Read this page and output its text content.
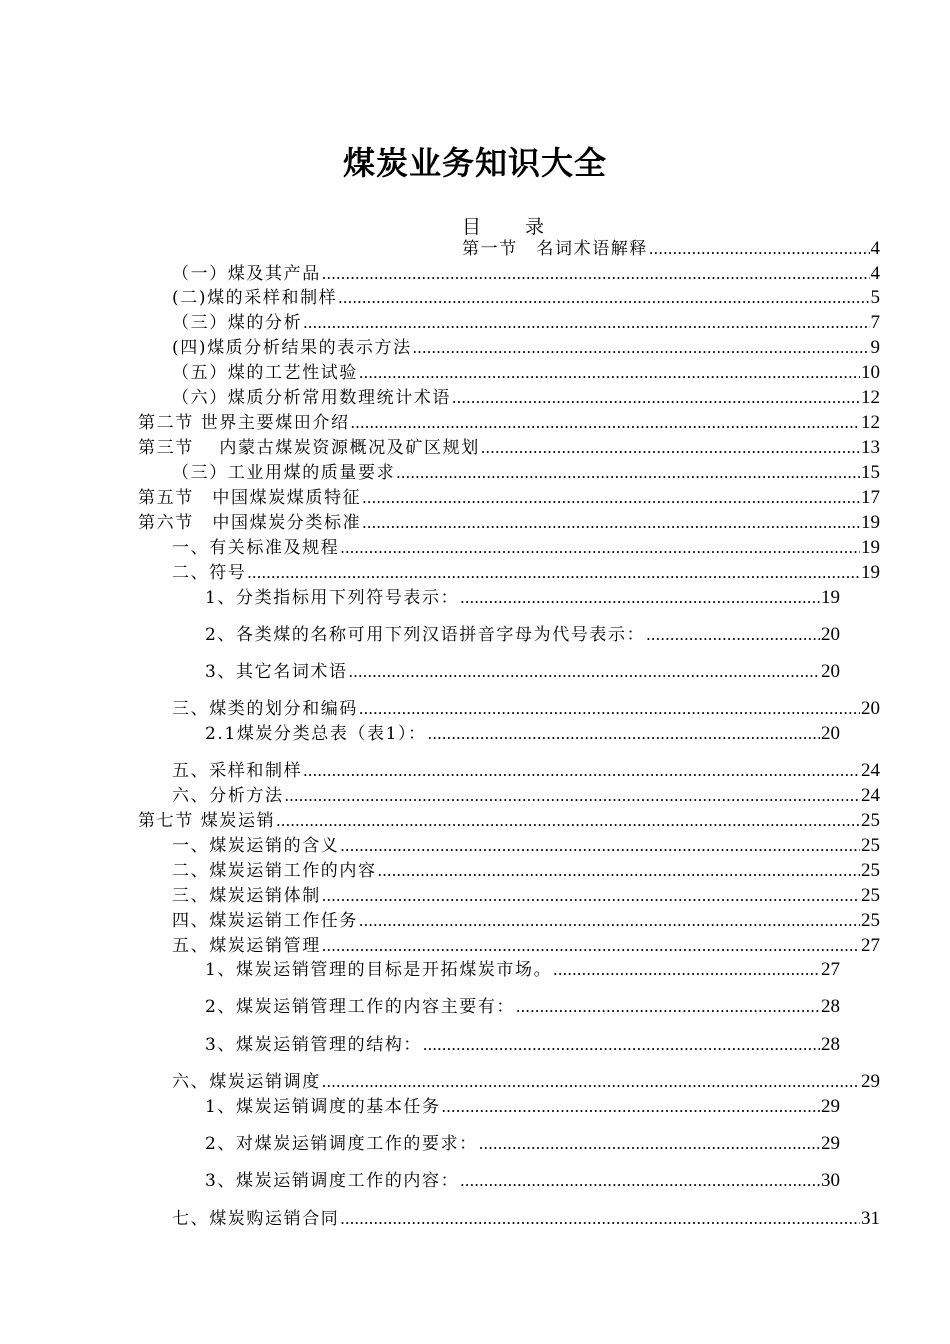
煤炭业务知识大全
目　　录
第一节　名词术语解释 .....	4
（一）煤及其产品 .....	4
(二)煤的采样和制样 .....	5
（三）煤的分析 .....	7
(四)煤质分析结果的表示方法 .....	9
（五）煤的工艺性试验 .....	10
（六）煤质分析常用数理统计术语 .....	12
第二节 世界主要煤田介绍 .....	12
第三节　 内蒙古煤炭资源概况及矿区规划 .....	13
（三）工业用煤的质量要求 .....	15
第五节　中国煤炭煤质特征 .....	17
第六节　中国煤炭分类标准 .....	19
一、有关标准及规程 .....	19
二、符号 .....	19
1、分类指标用下列符号表示： .....	19
2、各类煤的名称可用下列汉语拼音字母为代号表示： .....	20
3、其它名词术语 .....	20
三、煤类的划分和编码 .....	20
2.1煤炭分类总表（表1）： .....	20
五、采样和制样 .....	24
六、分析方法 .....	24
第七节 煤炭运销 .....	25
一、煤炭运销的含义 .....	25
二、煤炭运销工作的内容 .....	25
三、煤炭运销体制 .....	25
四、煤炭运销工作任务 .....	25
五、煤炭运销管理 .....	27
1、煤炭运销管理的目标是开拓煤炭市场。 .....	27
2、煤炭运销管理工作的内容主要有： .....	28
3、煤炭运销管理的结构： .....	28
六、煤炭运销调度 .....	29
1、煤炭运销调度的基本任务 .....	29
2、对煤炭运销调度工作的要求： .....	29
3、煤炭运销调度工作的内容： .....	30
七、煤炭购运销合同 .....	31
